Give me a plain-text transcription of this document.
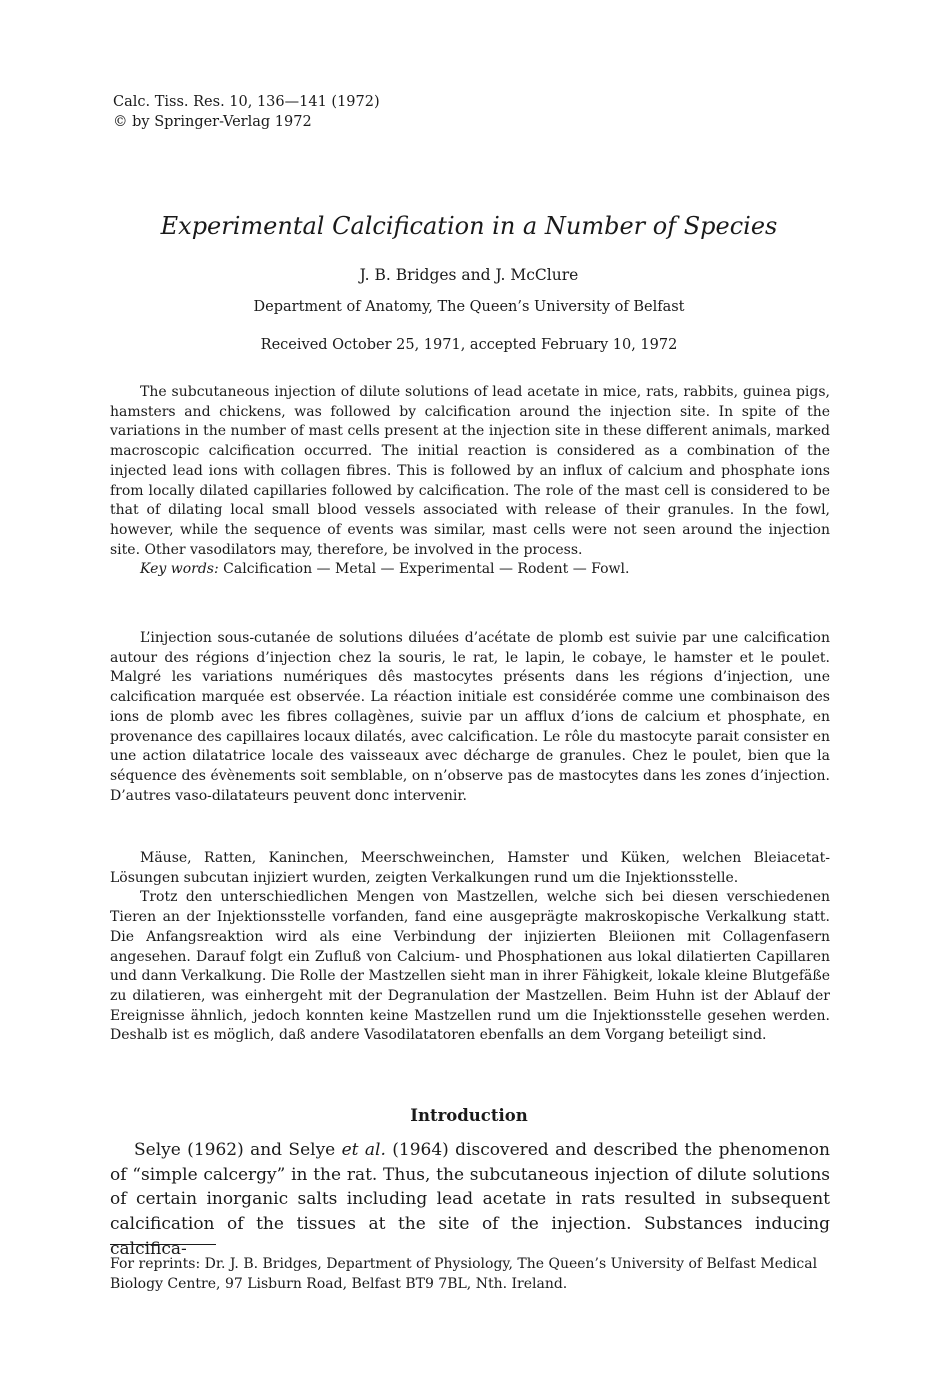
Calc. Tiss. Res. 10, 136—141 (1972)
© by Springer-Verlag 1972
Experimental Calcification in a Number of Species
J. B. Bridges and J. McClure
Department of Anatomy, The Queen’s University of Belfast
Received October 25, 1971, accepted February 10, 1972

The subcutaneous injection of dilute solutions of lead acetate in mice, rats, rabbits, guinea pigs, hamsters and chickens, was followed by calcification around the injection site. In spite of the variations in the number of mast cells present at the injection site in these different animals, marked macroscopic calcification occurred. The initial reaction is considered as a combination of the injected lead ions with collagen fibres. This is followed by an influx of calcium and phosphate ions from locally dilated capillaries followed by calcification. The role of the mast cell is considered to be that of dilating local small blood vessels associated with release of their granules. In the fowl, however, while the sequence of events was similar, mast cells were not seen around the injection site. Other vasodilators may, therefore, be involved in the process.

Key words: Calcification — Metal — Experimental — Rodent — Fowl.

L’injection sous-cutanée de solutions diluées d’acétate de plomb est suivie par une calcification autour des régions d’injection chez la souris, le rat, le lapin, le cobaye, le hamster et le poulet. Malgré les variations numériques dês mastocytes présents dans les régions d’injection, une calcification marquée est observée. La réaction initiale est considérée comme une combinaison des ions de plomb avec les fibres collagènes, suivie par un afflux d’ions de calcium et phosphate, en provenance des capillaires locaux dilatés, avec calcification. Le rôle du mastocyte parait consister en une action dilatatrice locale des vaisseaux avec décharge de granules. Chez le poulet, bien que la séquence des évènements soit semblable, on n’observe pas de mastocytes dans les zones d’injection. D’autres vaso-dilatateurs peuvent donc intervenir.

Mäuse, Ratten, Kaninchen, Meerschweinchen, Hamster und Küken, welchen Bleiacetat-Lösungen subcutan injiziert wurden, zeigten Verkalkungen rund um die Injektionsstelle.

Trotz den unterschiedlichen Mengen von Mastzellen, welche sich bei diesen verschiedenen Tieren an der Injektionsstelle vorfanden, fand eine ausgeprägte makroskopische Verkalkung statt. Die Anfangsreaktion wird als eine Verbindung der injizierten Bleiionen mit Collagenfasern angesehen. Darauf folgt ein Zufluß von Calcium- und Phosphationen aus lokal dilatierten Capillaren und dann Verkalkung. Die Rolle der Mastzellen sieht man in ihrer Fähigkeit, lokale kleine Blutgefäße zu dilatieren, was einhergeht mit der Degranulation der Mastzellen. Beim Huhn ist der Ablauf der Ereignisse ähnlich, jedoch konnten keine Mastzellen rund um die Injektionsstelle gesehen werden. Deshalb ist es möglich, daß andere Vasodilatatoren ebenfalls an dem Vorgang beteiligt sind.

Introduction

Selye (1962) and Selye et al. (1964) discovered and described the phenomenon of “simple calcergy” in the rat. Thus, the subcutaneous injection of dilute solutions of certain inorganic salts including lead acetate in rats resulted in subsequent calcification of the tissues at the site of the injection. Substances inducing calcifica-

For reprints: Dr. J. B. Bridges, Department of Physiology, The Queen’s University of Belfast Medical Biology Centre, 97 Lisburn Road, Belfast BT9 7BL, Nth. Ireland.
